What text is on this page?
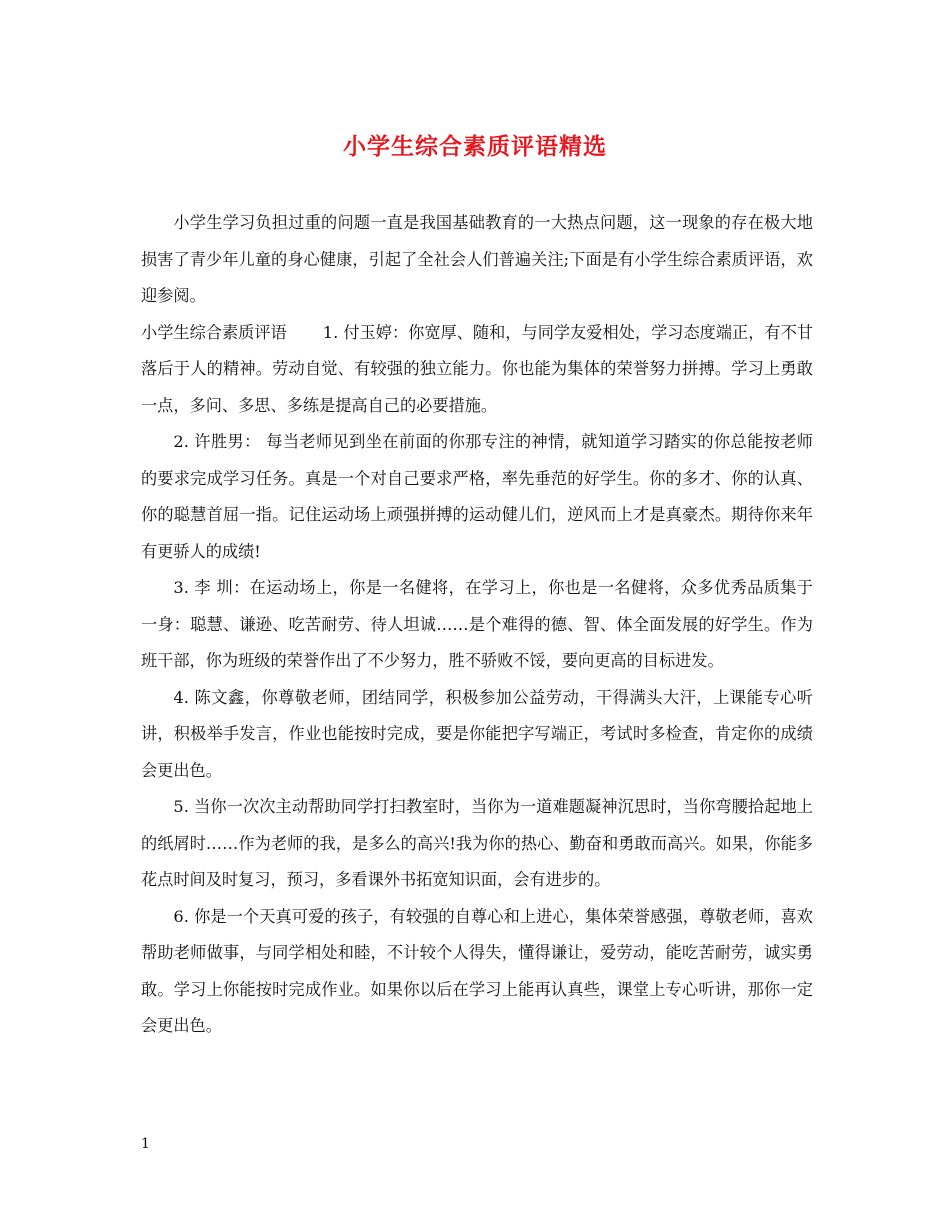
小学生综合素质评语精选

小学生学习负担过重的问题一直是我国基础教育的一大热点问题，这一现象的存在极大地损害了青少年儿童的身心健康，引起了全社会人们普遍关注;下面是有小学生综合素质评语，欢迎参阅。

小学生综合素质评语 1. 付玉婷：你宽厚、随和，与同学友爱相处，学习态度端正，有不甘落后于人的精神。劳动自觉、有较强的独立能力。你也能为集体的荣誉努力拼搏。学习上勇敢一点，多问、多思、多练是提高自己的必要措施。

2. 许胜男： 每当老师见到坐在前面的你那专注的神情，就知道学习踏实的你总能按老师的要求完成学习任务。真是一个对自己要求严格，率先垂范的好学生。你的多才、你的认真、你的聪慧首屈一指。记住运动场上顽强拼搏的运动健儿们，逆风而上才是真豪杰。期待你来年有更骄人的成绩!

3. 李 圳：在运动场上，你是一名健将，在学习上，你也是一名健将，众多优秀品质集于一身：聪慧、谦逊、吃苦耐劳、待人坦诚……是个难得的德、智、体全面发展的好学生。作为班干部，你为班级的荣誉作出了不少努力，胜不骄败不馁，要向更高的目标进发。

4. 陈文鑫，你尊敬老师，团结同学，积极参加公益劳动，干得满头大汗，上课能专心听讲，积极举手发言，作业也能按时完成，要是你能把字写端正，考试时多检查，肯定你的成绩会更出色。

5. 当你一次次主动帮助同学打扫教室时，当你为一道难题凝神沉思时，当你弯腰拾起地上的纸屑时……作为老师的我，是多么的高兴!我为你的热心、勤奋和勇敢而高兴。如果，你能多花点时间及时复习，预习，多看课外书拓宽知识面，会有进步的。

6. 你是一个天真可爱的孩子，有较强的自尊心和上进心，集体荣誉感强，尊敬老师，喜欢帮助老师做事，与同学相处和睦，不计较个人得失，懂得谦让，爱劳动，能吃苦耐劳，诚实勇敢。学习上你能按时完成作业。如果你以后在学习上能再认真些，课堂上专心听讲，那你一定会更出色。

1
